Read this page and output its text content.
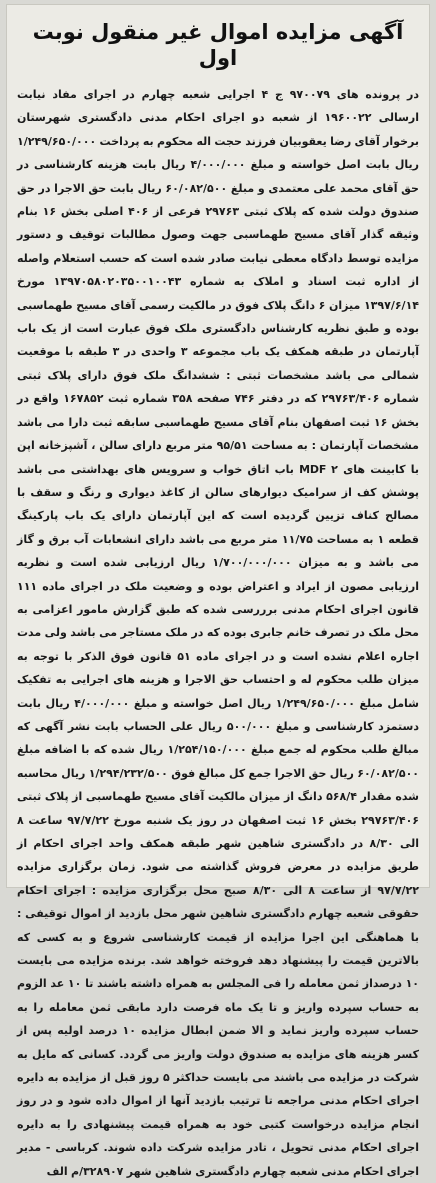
آگهی مزایده اموال غیر منقول نوبت اول
در پرونده های ۹۷۰۰۷۹ ج ۴ اجرایی شعبه چهارم در اجرای مفاد نیابت ارسالی ۱۹۶۰۰۲۲ از شعبه دو اجرای احکام مدنی دادگستری شهرستان برخوار آقای رضا یعقوبیان فرزند حجت اله محکوم به پرداخت ۱/۲۴۹/۶۵۰/۰۰۰ ریال بابت اصل خواسته و مبلغ ۴/۰۰۰/۰۰۰ ریال بابت هزینه کارشناسی در حق آقای محمد علی معتمدی و مبلغ ۶۰/۰۸۲/۵۰۰ ریال بابت حق الاجرا در حق صندوق دولت شده که پلاک ثبتی ۲۹۷۶۳ فرعی از ۴۰۶ اصلی بخش ۱۶ بنام وثیقه گذار آقای مسیح طهماسبی جهت وصول مطالبات توقیف و دستور مزایده توسط دادگاه معطی نیابت صادر شده است که حسب استعلام واصله از اداره ثبت اسناد و املاک به شماره ۱۳۹۷۰۵۸۰۲۰۳۵۰۰۱۰۰۴۳ مورخ ۱۳۹۷/۶/۱۴ میزان ۶ دانگ پلاک فوق در مالکیت رسمی آقای مسیح طهماسبی بوده و طبق نظریه کارشناس دادگستری ملک فوق عبارت است از یک باب آپارتمان در طبقه همکف یک باب مجموعه ۳ واحدی در ۳ طبقه با موقعیت شمالی می باشد مشخصات ثبتی : ششدانگ ملک فوق دارای پلاک ثبتی شماره ۲۹۷۶۳/۴۰۶ که در دفتر ۷۴۶ صفحه ۳۵۸ شماره ثبت ۱۶۷۸۵۲ واقع در بخش ۱۶ ثبت اصفهان بنام آقای مسیح طهماسبی سابقه ثبت دارا می باشد مشخصات آپارتمان : به مساحت ۹۵/۵۱ متر مربع دارای سالن ، آشپزخانه اپن با کابینت های MDF ۲ باب اتاق خواب و سرویس های بهداشتی می باشد پوشش کف از سرامیک دیوارهای سالن از کاغذ دیواری و رنگ و سقف با مصالح کناف تزیین گردیده است که این آپارتمان دارای یک باب پارکینگ قطعه ۱ به مساحت ۱۱/۷۵ متر مربع می باشد دارای انشعابات آب برق و گاز می باشد و به میزان ۱/۷۰۰/۰۰۰/۰۰۰ ریال ارزیابی شده است و نظریه ارزیابی مصون از ایراد و اعتراض بوده و وضعیت ملک در اجرای ماده ۱۱۱ قانون اجرای احکام مدنی برررسی شده که طبق گزارش مامور اعزامی به محل ملک در تصرف خانم جابری بوده که در ملک مستاجر می باشد ولی مدت اجاره اعلام نشده است و در اجرای ماده ۵۱ قانون فوق الذکر با توجه به میزان طلب محکوم له و احتساب حق الاجرا و هزینه های اجرایی به تفکیک شامل مبلغ ۱/۲۴۹/۶۵۰/۰۰۰ ریال اصل خواسته و مبلغ ۴/۰۰۰/۰۰۰ ریال بابت دستمزد کارشناسی و مبلغ ۵۰۰/۰۰۰ ریال علی الحساب بابت نشر آگهی که مبالغ طلب محکوم له جمع مبلغ ۱/۲۵۴/۱۵۰/۰۰۰ ریال شده که با اضافه مبلغ ۶۰/۰۸۲/۵۰۰ ریال حق الاجرا جمع کل مبالغ فوق ۱/۲۹۴/۲۳۲/۵۰۰ ریال محاسبه شده مقدار ۵۶۸/۴ دانگ از میزان مالکیت آقای مسیح طهماسبی از پلاک ثبتی ۲۹۷۶۳/۴۰۶ بخش ۱۶ ثبت اصفهان در روز یک شنبه مورخ ۹۷/۷/۲۲ ساعت ۸ الی ۸/۳۰ در دادگستری شاهین شهر طبقه همکف واحد اجرای احکام از طریق مزایده در معرض فروش گذاشته می شود. زمان برگزاری مزایده ۹۷/۷/۲۲ از ساعت ۸ الی ۸/۳۰ صبح محل برگزاری مزایده : اجرای احکام حقوقی شعبه چهارم دادگستری شاهین شهر محل بازدید از اموال توقیفی : با هماهنگی این اجرا مزایده از قیمت کارشناسی شروع و به کسی که بالاترین قیمت را پیشنهاد دهد فروخته خواهد شد. برنده مزایده می بایست ۱۰ درصداز ثمن معامله را فی المجلس به همراه داشته باشند تا ۱۰ عد الزوم به حساب سپرده واریز و تا یک ماه فرصت دارد مابقی ثمن معامله را به حساب سپرده واریز نماید و الا ضمن ابطال مزایده ۱۰ درصد اولیه پس از کسر هزینه های مزایده به صندوق دولت واریز می گردد. کسانی که مایل به شرکت در مزایده می باشند می بایست حداکثر ۵ روز قبل از مزایده به دایره اجرای احکام مدنی مراجعه تا ترتیب بازدید آنها از اموال داده شود و در روز انجام مزایده درخواست کتبی خود به همراه قیمت پیشنهادی را به دایره اجرای احکام مدنی تحویل ، تادر مزایده شرکت داده شوند. کرباسی - مدیر اجرای احکام مدنی شعبه چهارم دادگستری شاهین شهر ۳۲۸۹۰۷/م الف
